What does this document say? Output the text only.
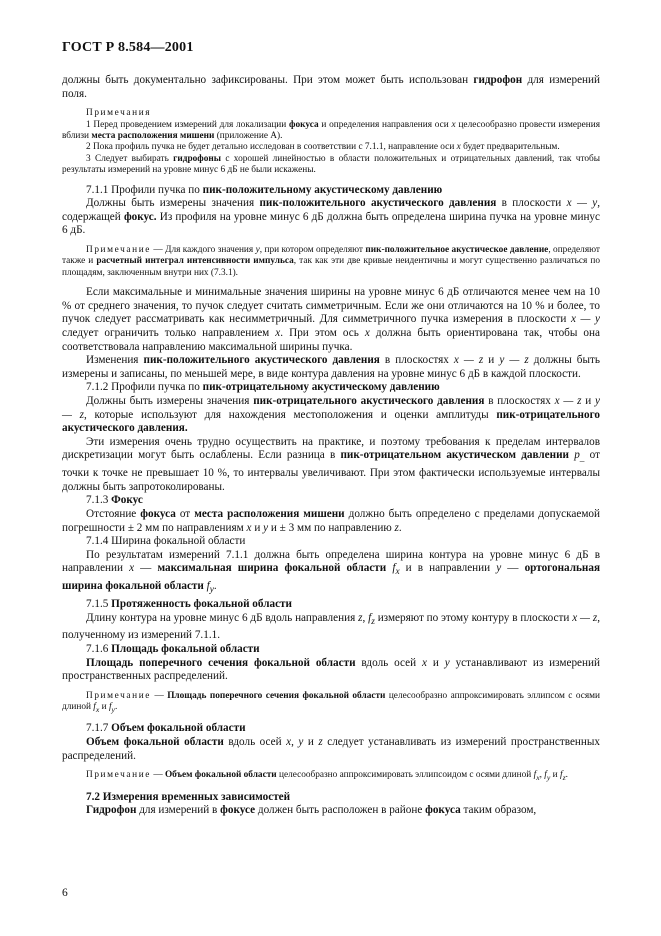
ГОСТ Р 8.584—2001

должны быть документально зафиксированы. При этом может быть использован гидрофон для измерений поля.

Примечания

1 Перед проведением измерений для локализации фокуса и определения направления оси x целесообразно провести измерения вблизи места расположения мишени (приложение А).

2 Пока профиль пучка не будет детально исследован в соответствии с 7.1.1, направление оси x будет предварительным.

3 Следует выбирать гидрофоны с хорошей линейностью в области положительных и отрицательных давлений, так чтобы результаты измерений на уровне минус 6 дБ не были искажены.

7.1.1 Профили пучка по пик-положительному акустическому давлению

Должны быть измерены значения пик-положительного акустического давления в плоскости x — y, содержащей фокус. Из профиля на уровне минус 6 дБ должна быть определена ширина пучка на уровне минус 6 дБ.

Примечание — Для каждого значения y, при котором определяют пик-положительное акустическое давление, определяют также и расчетный интеграл интенсивности импульса, так как эти две кривые неидентичны и могут существенно различаться по площадям, заключенным внутри них (7.3.1).

Если максимальные и минимальные значения ширины на уровне минус 6 дБ отличаются менее чем на 10 % от среднего значения, то пучок следует считать симметричным. Если же они отличаются на 10 % и более, то пучок следует рассматривать как несимметричный. Для симметричного пучка измерения в плоскости x — y следует ограничить только направлением x. При этом ось x должна быть ориентирована так, чтобы она соответствовала направлению максимальной ширины пучка.

Изменения пик-положительного акустического давления в плоскостях x — z и y — z должны быть измерены и записаны, по меньшей мере, в виде контура давления на уровне минус 6 дБ в каждой плоскости.

7.1.2 Профили пучка по пик-отрицательному акустическому давлению

Должны быть измерены значения пик-отрицательного акустического давления в плоскостях x — z и y — z, которые используют для нахождения местоположения и оценки амплитуды пик-отрицательного акустического давления.

Эти измерения очень трудно осуществить на практике, и поэтому требования к пределам интервалов дискретизации могут быть ослаблены. Если разница в пик-отрицательном акустическом давлении $p_{\_}$ от точки к точке не превышает 10 %, то интервалы увеличивают. При этом фактически используемые интервалы должны быть запротоколированы.

7.1.3 Фокус

Отстояние фокуса от места расположения мишени должно быть определено с пределами допускаемой погрешности ± 2 мм по направлениям x и y и ± 3 мм по направлению z.

7.1.4 Ширина фокальной области

По результатам измерений 7.1.1 должна быть определена ширина контура на уровне минус 6 дБ в направлении x — максимальная ширина фокальной области $f_x$ и в направлении y — ортогональная ширина фокальной области $f_y$.

7.1.5 Протяженность фокальной области

Длину контура на уровне минус 6 дБ вдоль направления z, $f_z$ измеряют по этому контуру в плоскости x — z, полученному из измерений 7.1.1.

7.1.6 Площадь фокальной области

Площадь поперечного сечения фокальной области вдоль осей x и y устанавливают из измерений пространственных распределений.

Примечание — Площадь поперечного сечения фокальной области целесообразно аппроксимировать эллипсом с осями длиной $f_x$ и $f_y$.

7.1.7 Объем фокальной области

Объем фокальной области вдоль осей x, y и z следует устанавливать из измерений пространственных распределений.

Примечание — Объем фокальной области целесообразно аппроксимировать эллипсоидом с осями длиной $f_x$, $f_y$ и $f_z$.

7.2 Измерения временных зависимостей

Гидрофон для измерений в фокусе должен быть расположен в районе фокуса таким образом,

6
